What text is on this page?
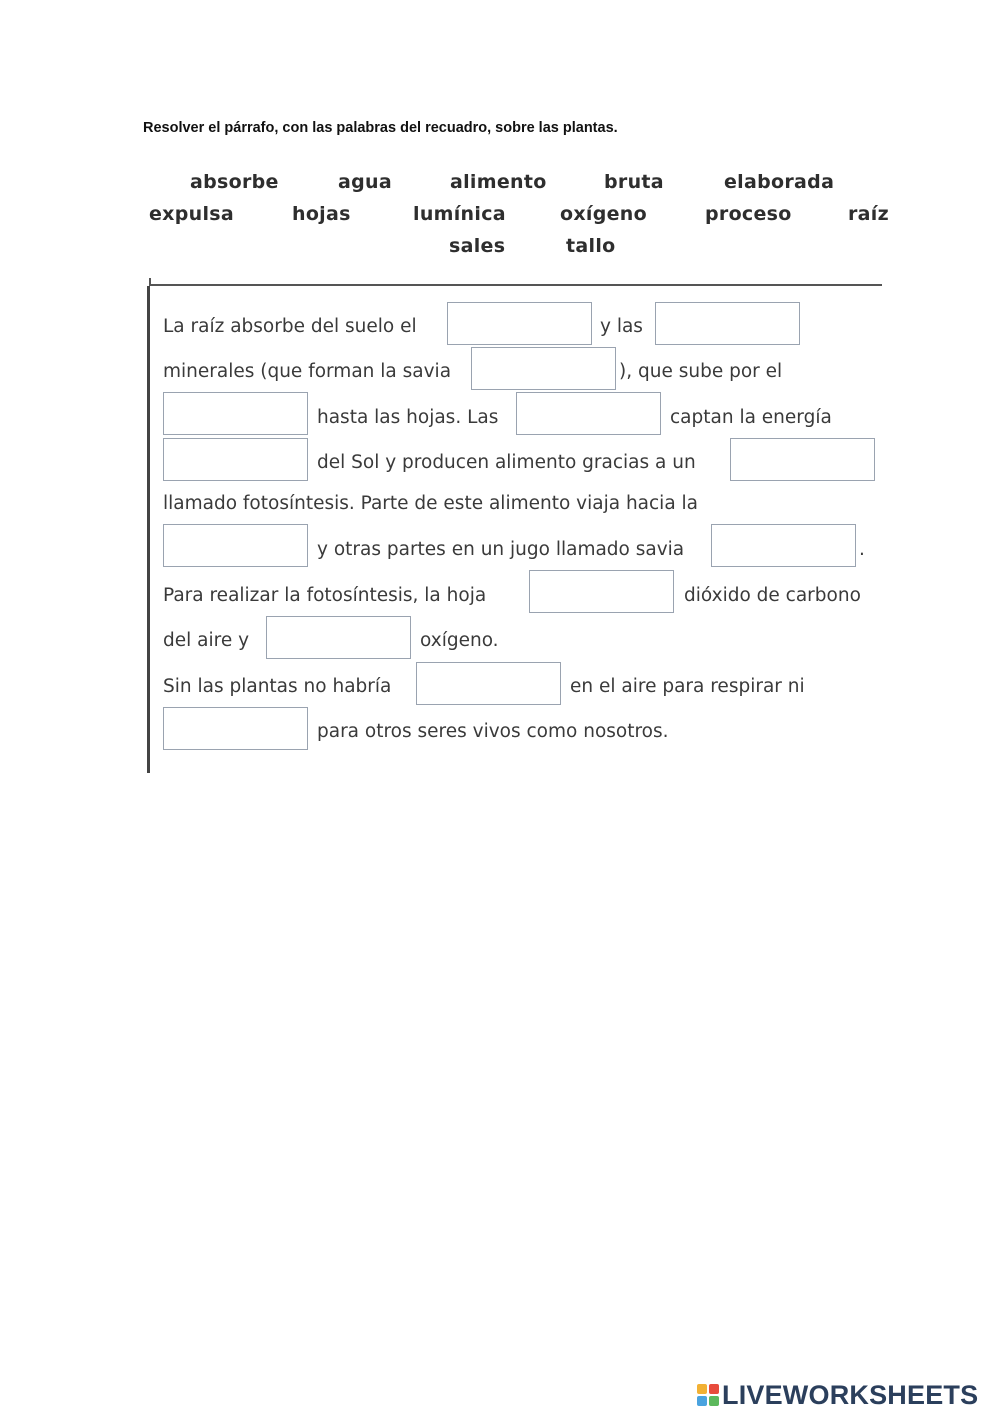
Resolver el párrafo, con las palabras del recuadro, sobre las plantas.
absorbe	agua	alimento	bruta	elaborada
expulsa	hojas	lumínica	oxígeno	proceso	raíz
sales	tallo
La raíz absorbe del suelo el	y las
minerales (que forman la savia	), que sube por el
hasta las hojas. Las	captan la energía
del Sol y producen alimento gracias a un
llamado fotosíntesis. Parte de este alimento viaja hacia la
y otras partes en un jugo llamado savia	.
Para realizar la fotosíntesis, la hoja	dióxido de carbono
del aire y	oxígeno.
Sin las plantas no habría	en el aire para respirar ni
para otros seres vivos como nosotros.
LIVEWORKSHEETS
